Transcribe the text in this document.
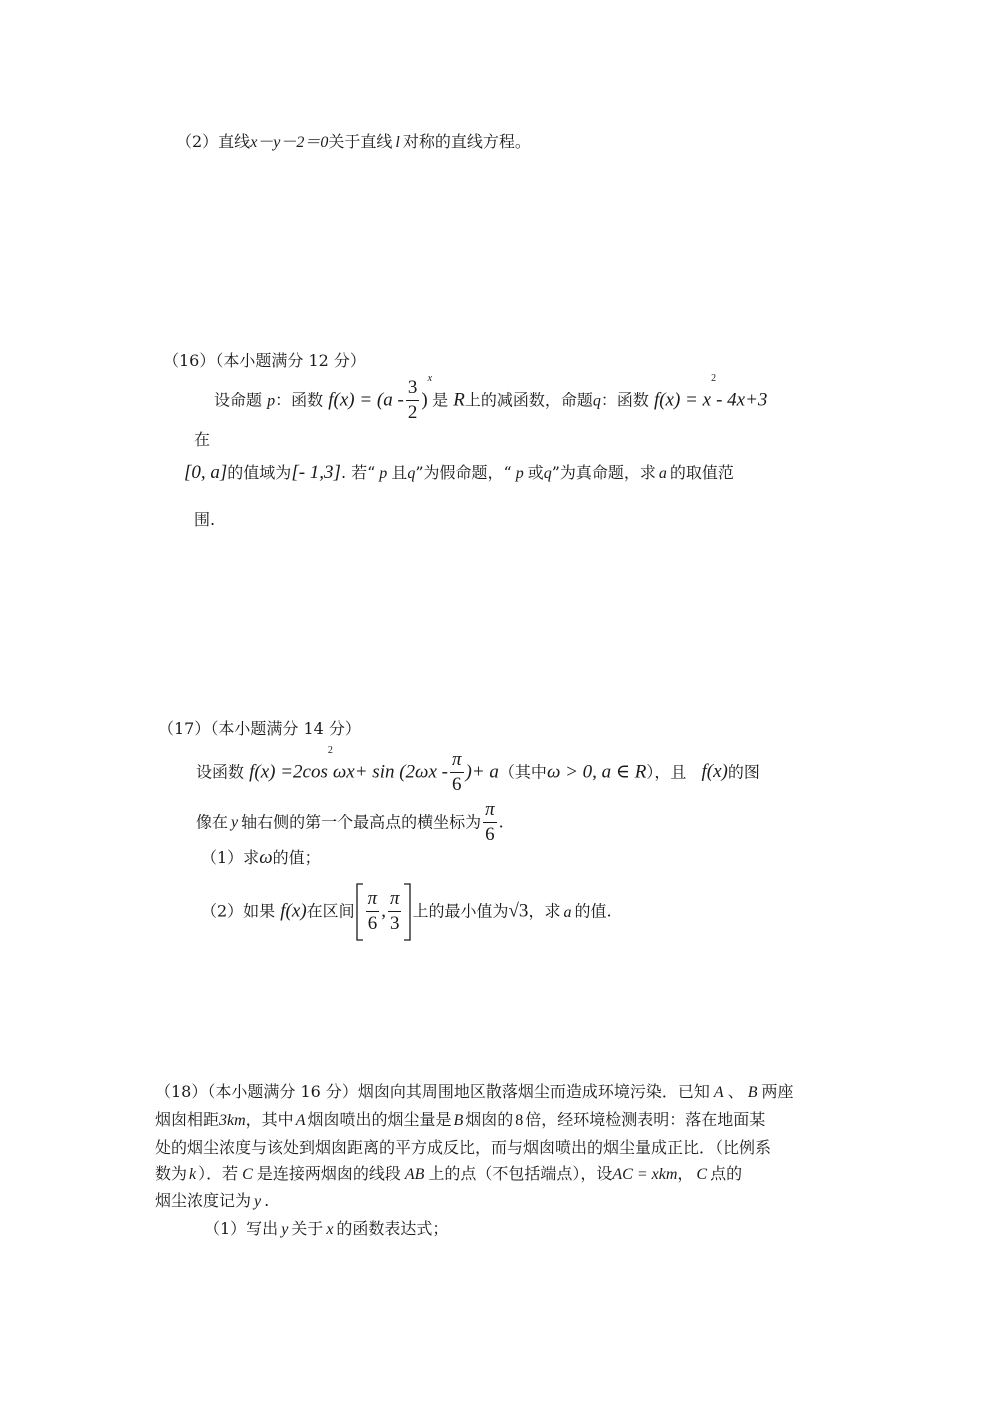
（2）直线x－y－2＝0关于直线 l 对称的直线方程。
（16）（本小题满分 12 分）
设命题 p：函数 $f(x) = (a - \frac{3}{2} )^x$是 R上的减函数，命题q：函数 $f(x) = x^2-$ 4x+3
在
[0, a]的值域为[- 1,3]. 若“ p 且q”为假命题，“ p 或q”为真命题，求 a 的取值范
围.
（17）（本小题满分 14 分）
设函数 $f(x) =2\cos^2\omega x+ \sin (2\omega x - \frac{\pi}{6}$ )+ a（其中ω > 0, a ∈ R），且 f(x)的图
像在 y 轴右侧的第一个最高点的横坐标为 $\frac{\pi}{6}$ .
（1）求ω的值；
（2）如果 f(x)在区间 $\frac{\pi}{6}$ , $\frac{\pi}{3}$ 上的最小值为√3，求 a 的值.
（18）（本小题满分 16 分）烟囱向其周围地区散落烟尘而造成环境污染．已知 A 、 B 两座
烟囱相距3km，其中 A 烟囱喷出的烟尘量是 B 烟囱的 8 倍，经环境检测表明：落在地面某
处的烟尘浓度与该处到烟囱距离的平方成反比，而与烟囱喷出的烟尘量成正比．（比例系
数为 k ）．若 C 是连接两烟囱的线段 AB 上的点（不包括端点），设AC = xkm， C 点的
烟尘浓度记为 y .
（1）写出 y 关于 x 的函数表达式；
